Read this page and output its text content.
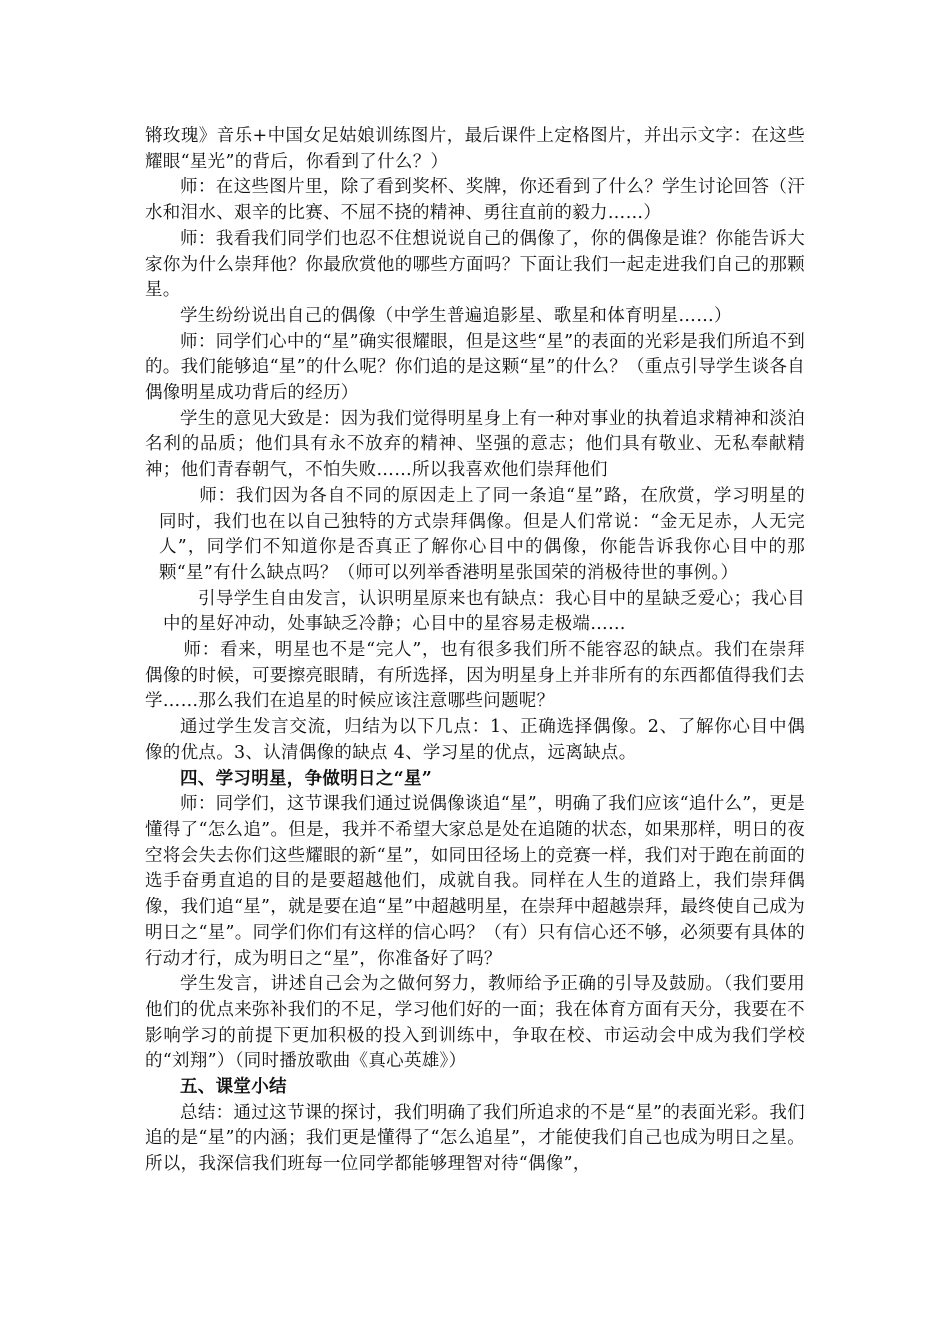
锵玫瑰》音乐+中国女足姑娘训练图片，最后课件上定格图片，并出示文字：在这些耀眼“星光”的背后，你看到了什么？）

师：在这些图片里，除了看到奖杯、奖牌，你还看到了什么？学生讨论回答（汗水和泪水、艰辛的比赛、不屈不挠的精神、勇往直前的毅力……）

师：我看我们同学们也忍不住想说说自己的偶像了，你的偶像是谁？你能告诉大家你为什么崇拜他？你最欣赏他的哪些方面吗？下面让我们一起走进我们自己的那颗星。

学生纷纷说出自己的偶像（中学生普遍追影星、歌星和体育明星……）

师：同学们心中的“星”确实很耀眼，但是这些“星”的表面的光彩是我们所追不到的。我们能够追“星”的什么呢？你们追的是这颗“星”的什么？（重点引导学生谈各自偶像明星成功背后的经历）

学生的意见大致是：因为我们觉得明星身上有一种对事业的执着追求精神和淡泊名利的品质；他们具有永不放弃的精神、坚强的意志；他们具有敬业、无私奉献精神；他们青春朝气，不怕失败……所以我喜欢他们崇拜他们

师：我们因为各自不同的原因走上了同一条追“星”路，在欣赏，学习明星的同时，我们也在以自己独特的方式崇拜偶像。但是人们常说：“金无足赤，人无完人”，同学们不知道你是否真正了解你心目中的偶像，你能告诉我你心目中的那颗“星”有什么缺点吗？（师可以列举香港明星张国荣的消极待世的事例。）

引导学生自由发言，认识明星原来也有缺点：我心目中的星缺乏爱心；我心目中的星好冲动，处事缺乏冷静；心目中的星容易走极端……

师：看来，明星也不是“完人”，也有很多我们所不能容忍的缺点。我们在崇拜偶像的时候，可要擦亮眼睛，有所选择，因为明星身上并非所有的东西都值得我们去学……那么我们在追星的时候应该注意哪些问题呢？

通过学生发言交流，归结为以下几点：1、正确选择偶像。2、了解你心目中偶像的优点。3、认清偶像的缺点 4、学习星的优点，远离缺点。

四、学习明星，争做明日之“星”

师：同学们，这节课我们通过说偶像谈追“星”，明确了我们应该“追什么”，更是懂得了“怎么追”。但是，我并不希望大家总是处在追随的状态，如果那样，明日的夜空将会失去你们这些耀眼的新“星”，如同田径场上的竞赛一样，我们对于跑在前面的选手奋勇直追的目的是要超越他们，成就自我。同样在人生的道路上，我们崇拜偶像，我们追“星”，就是要在追“星”中超越明星，在崇拜中超越崇拜，最终使自己成为明日之“星”。同学们你们有这样的信心吗？（有）只有信心还不够，必须要有具体的行动才行，成为明日之“星”，你准备好了吗？

学生发言，讲述自己会为之做何努力，教师给予正确的引导及鼓励。（我们要用他们的优点来弥补我们的不足，学习他们好的一面；我在体育方面有天分，我要在不影响学习的前提下更加积极的投入到训练中，争取在校、市运动会中成为我们学校的“刘翔”）（同时播放歌曲《真心英雄》）

五、课堂小结

总结：通过这节课的探讨，我们明确了我们所追求的不是“星”的表面光彩。我们追的是“星”的内涵；我们更是懂得了“怎么追星”，才能使我们自己也成为明日之星。所以，我深信我们班每一位同学都能够理智对待“偶像”，
